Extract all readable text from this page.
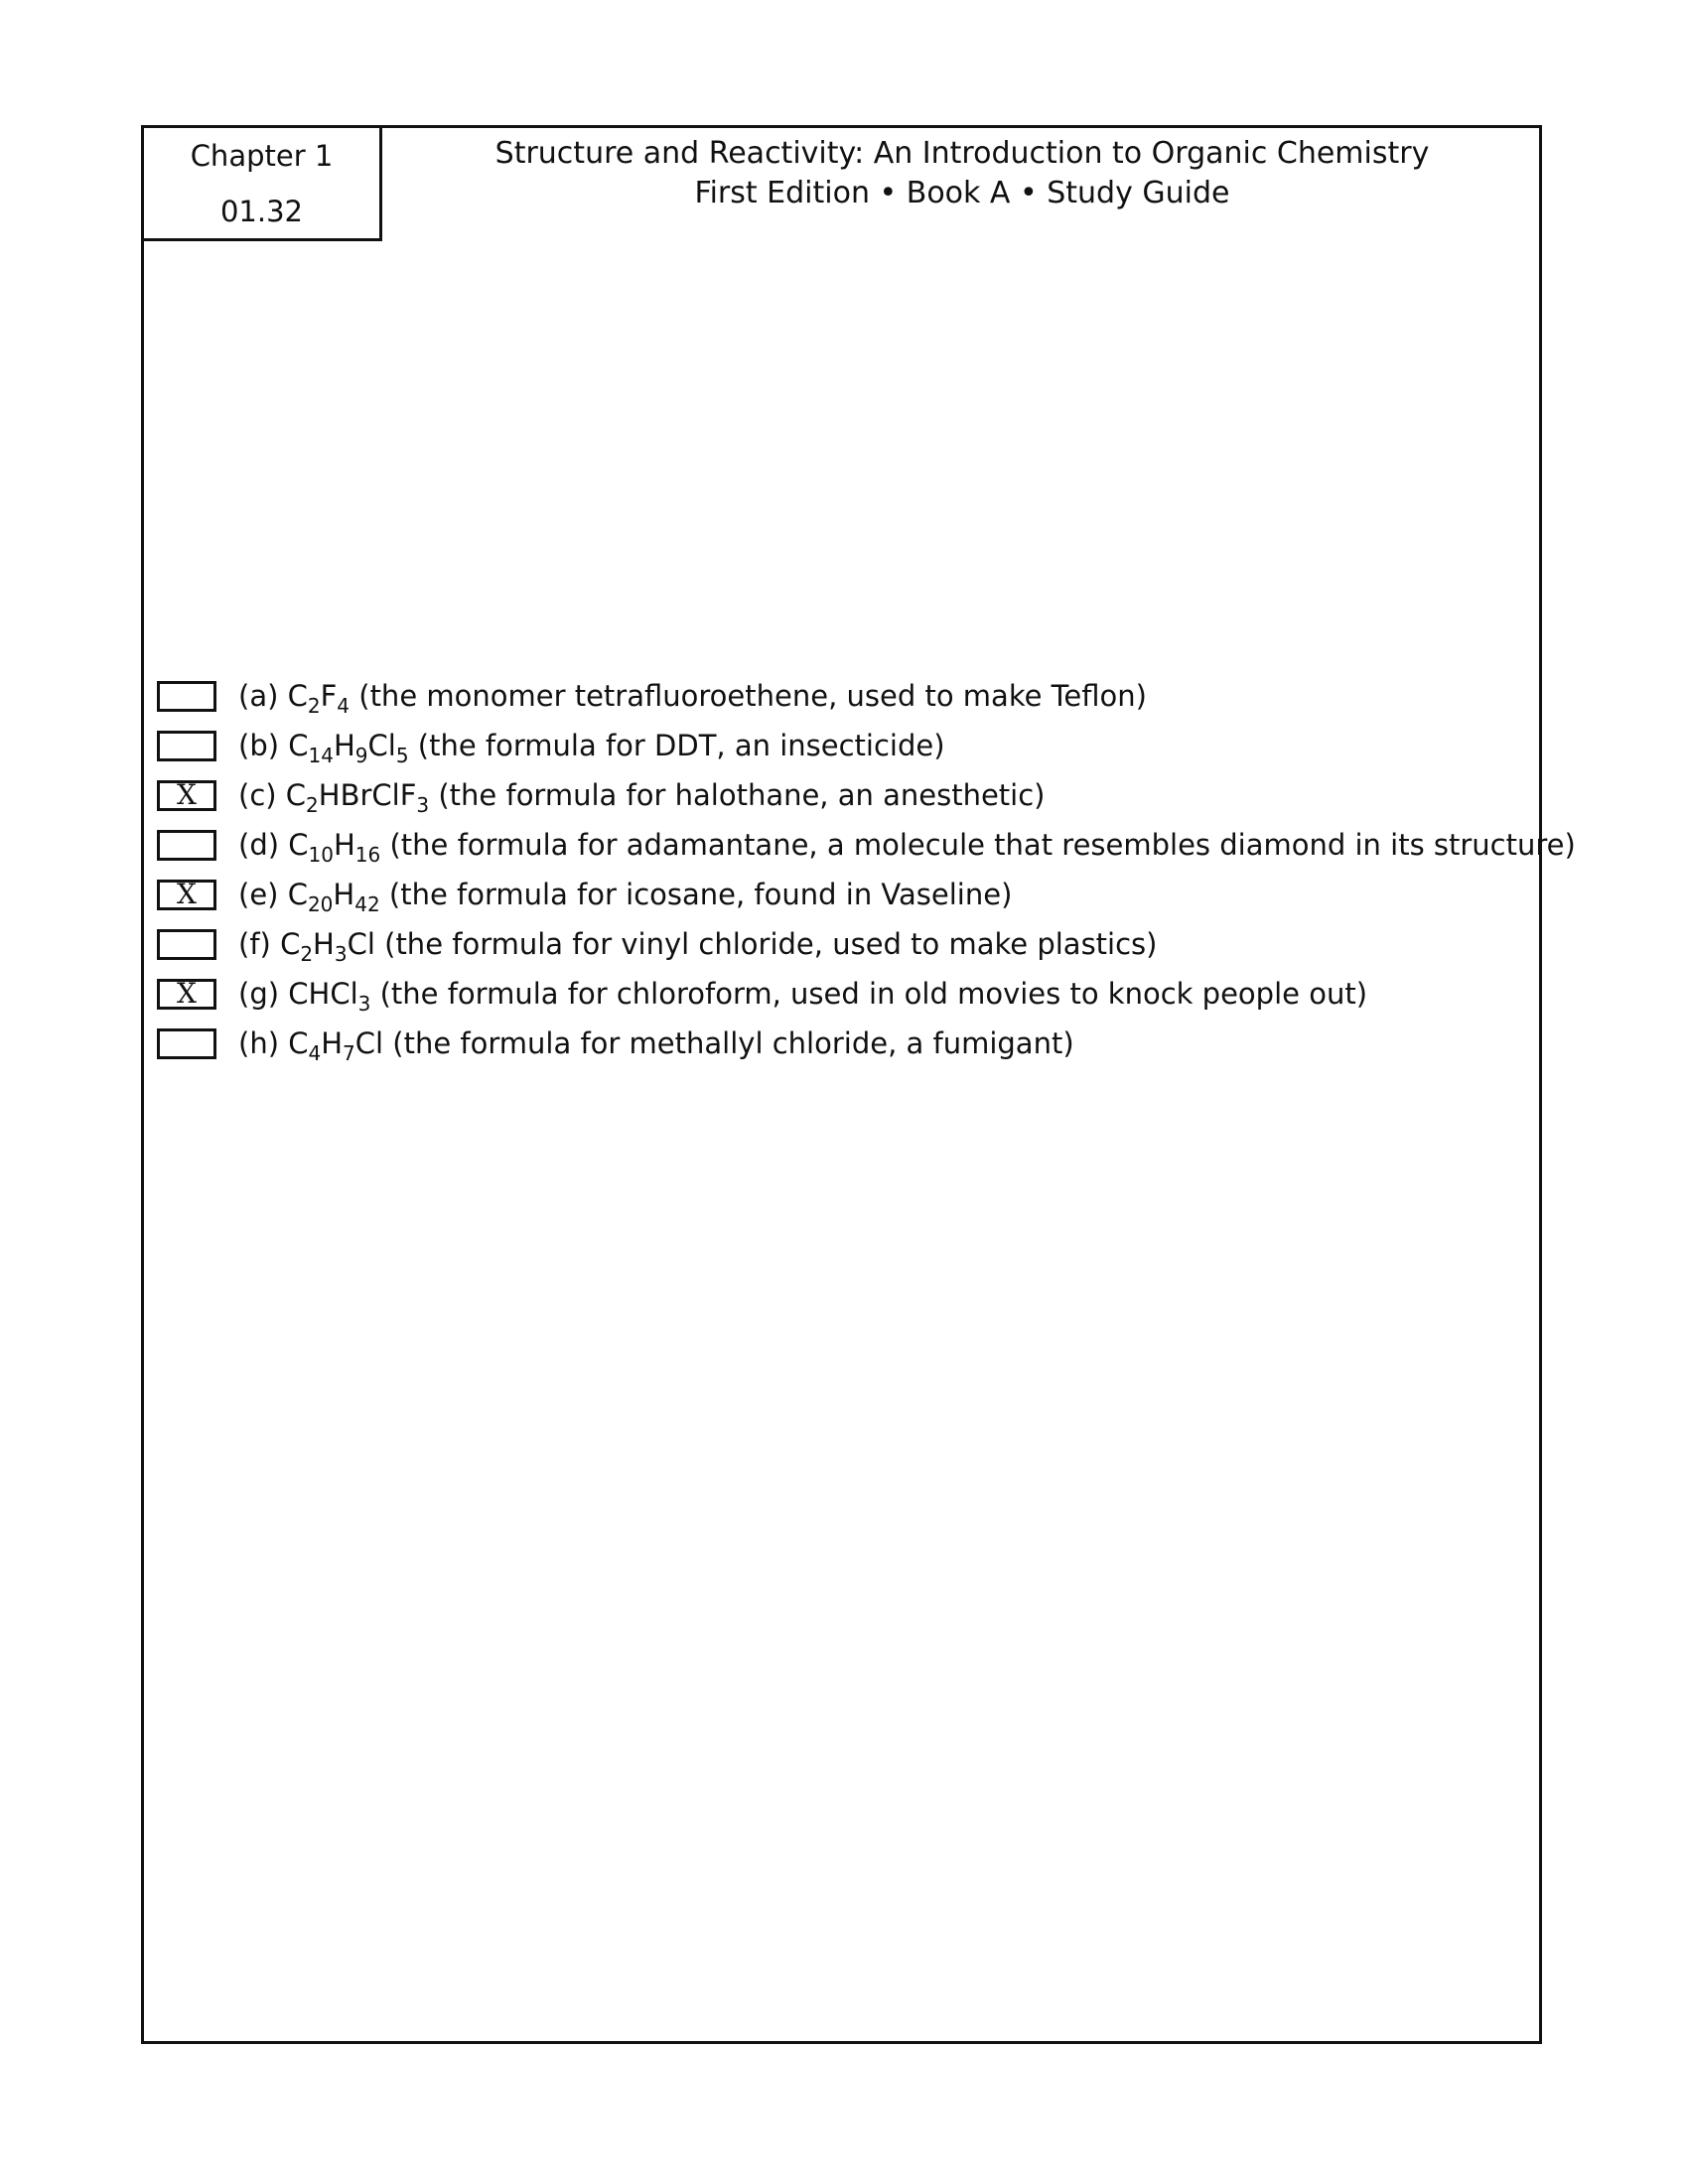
Chapter 1
01.32
Structure and Reactivity: An Introduction to Organic Chemistry
First Edition • Book A • Study Guide
(a) $C_2F_4$ (the monomer tetrafluoroethene, used to make Teflon)
(b) $C_{14}H_9Cl_5$ (the formula for DDT, an insecticide)
X	(c) $C_2HBrClF_3$ (the formula for halothane, an anesthetic)
(d) $C_{10}H_{16}$ (the formula for adamantane, a molecule that resembles diamond in its structure)
X	(e) $C_{20}H_{42}$ (the formula for icosane, found in Vaseline)
(f) $C_2H_3Cl$ (the formula for vinyl chloride, used to make plastics)
X	(g) CHCl$_3$ (the formula for chloroform, used in old movies to knock people out)
(h) $C_4H_7Cl$ (the formula for methallyl chloride, a fumigant)
